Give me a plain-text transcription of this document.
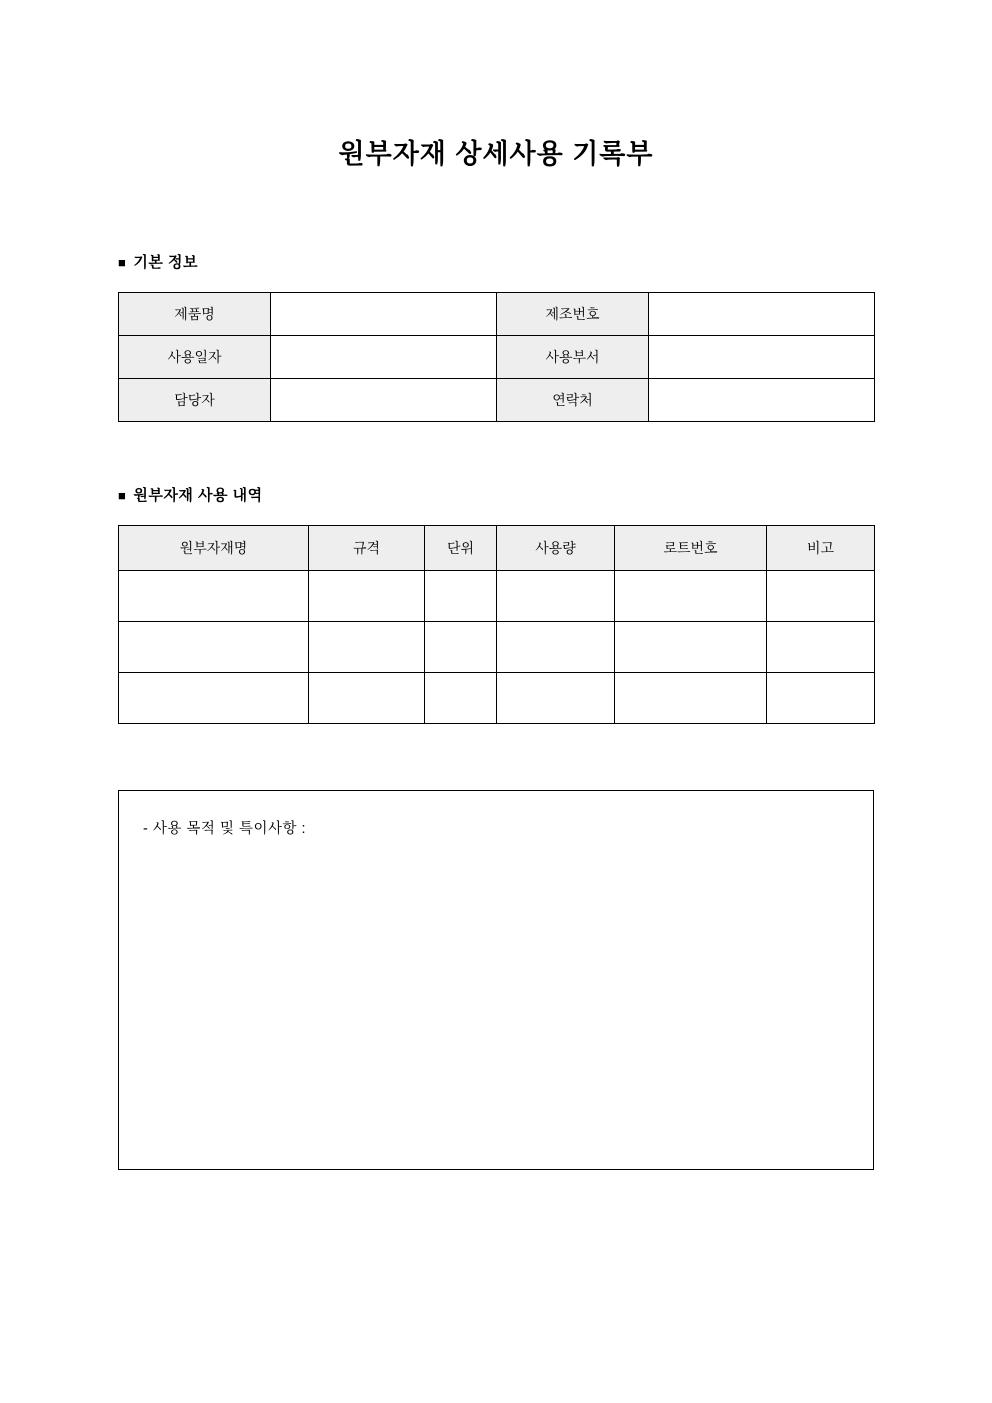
원부자재 상세사용 기록부
■ 기본 정보
제품명		제조번호	
사용일자		사용부서	
담당자		연락처	
■ 원부자재 사용 내역
원부자재명	규격	단위	사용량	로트번호	비고

- 사용 목적 및 특이사항 :
